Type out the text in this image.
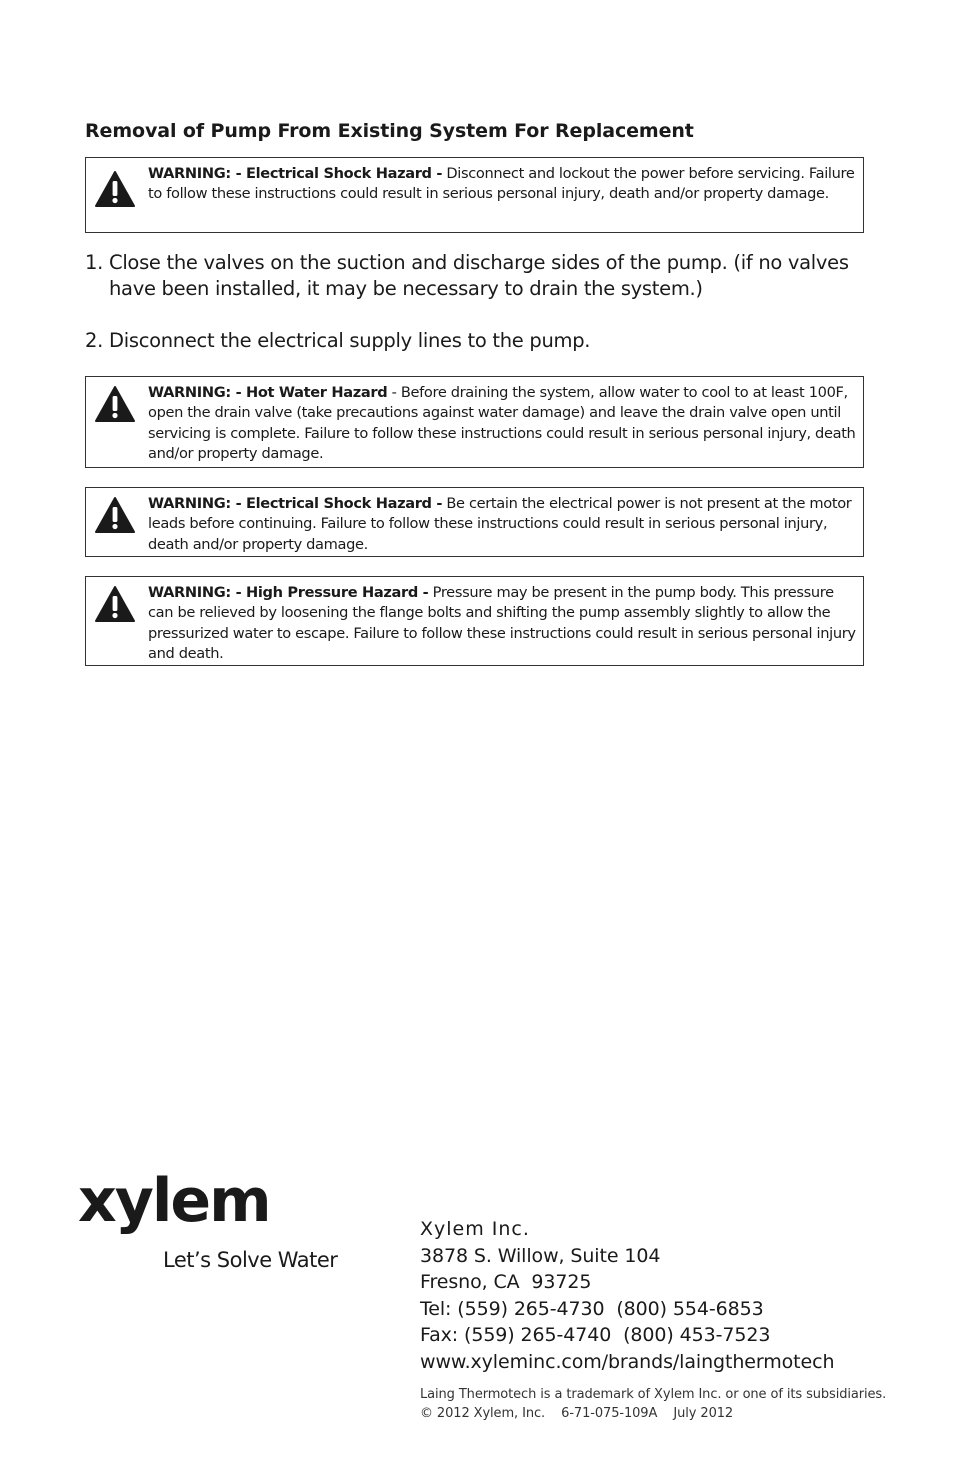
Removal of Pump From Existing System For Replacement
WARNING: - Electrical Shock Hazard - Disconnect and lockout the power before servicing. Failure to follow these instructions could result in serious personal injury, death and/or property damage.
1. Close the valves on the suction and discharge sides of the pump. (if no valves have been installed, it may be necessary to drain the system.)
2. Disconnect the electrical supply lines to the pump.
WARNING: - Hot Water Hazard - Before draining the system, allow water to cool to at least 100F, open the drain valve (take precautions against water damage) and leave the drain valve open until servicing is complete. Failure to follow these instructions could result in serious personal injury, death and/or property damage.
WARNING: - Electrical Shock Hazard - Be certain the electrical power is not present at the motor leads before continuing. Failure to follow these instructions could result in serious personal injury, death and/or property damage.
WARNING: - High Pressure Hazard - Pressure may be present in the pump body. This pressure can be relieved by loosening the flange bolts and shifting the pump assembly slightly to allow the pressurized water to escape. Failure to follow these instructions could result in serious personal injury and death.
xylem
Let’s Solve Water
Xylem Inc.
3878 S. Willow, Suite 104
Fresno, CA  93725
Tel: (559) 265-4730  (800) 554-6853
Fax: (559) 265-4740  (800) 453-7523
www.xyleminc.com/brands/laingthermotech
Laing Thermotech is a trademark of Xylem Inc. or one of its subsidiaries.
© 2012 Xylem, Inc.    6-71-075-109A    July 2012
